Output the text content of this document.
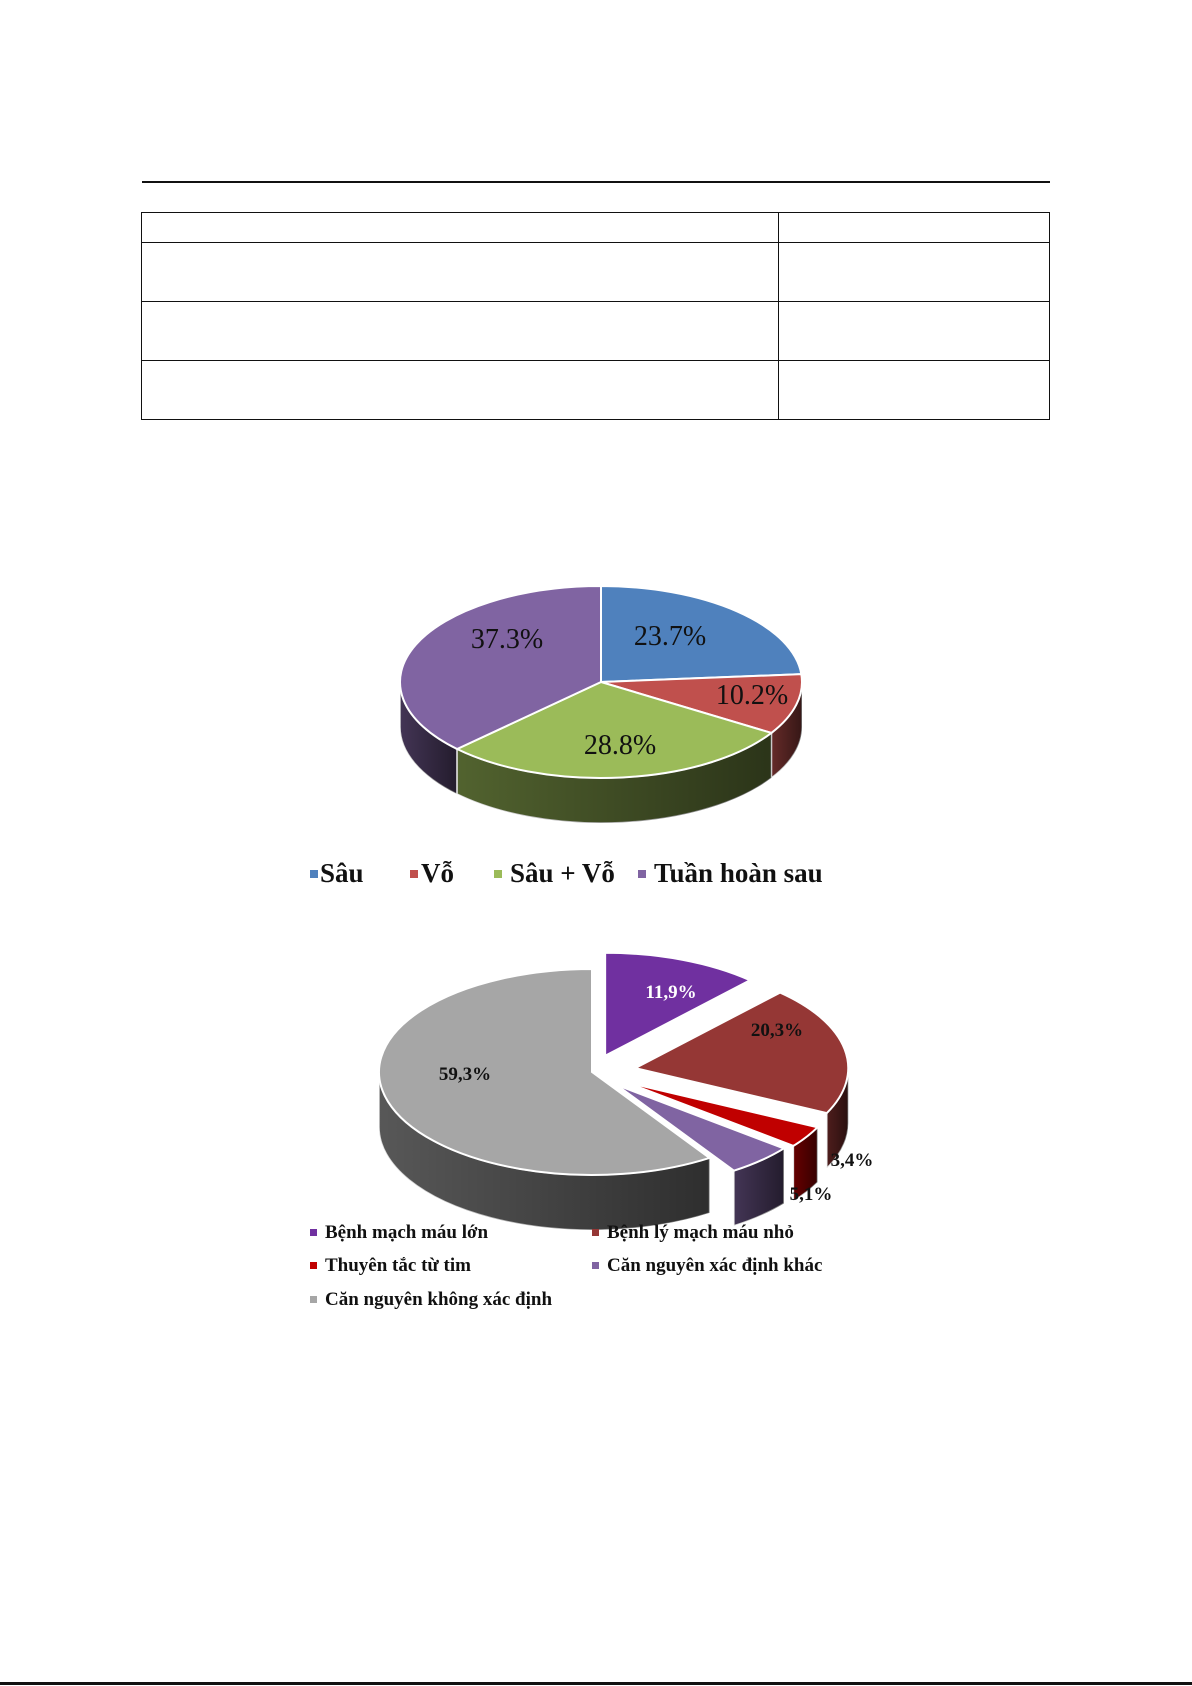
23.7%
10.2%
28.8%
37.3%
Sâu Vỗ Sâu + Vỗ Tuần hoàn sau
11,9%
20,3%
3,4%
5,1%
59,3%
Bệnh mạch máu lớn	Bệnh lý mạch máu nhỏ
Thuyên tắc từ tim	Căn nguyên xác định khác
Căn nguyên không xác định
